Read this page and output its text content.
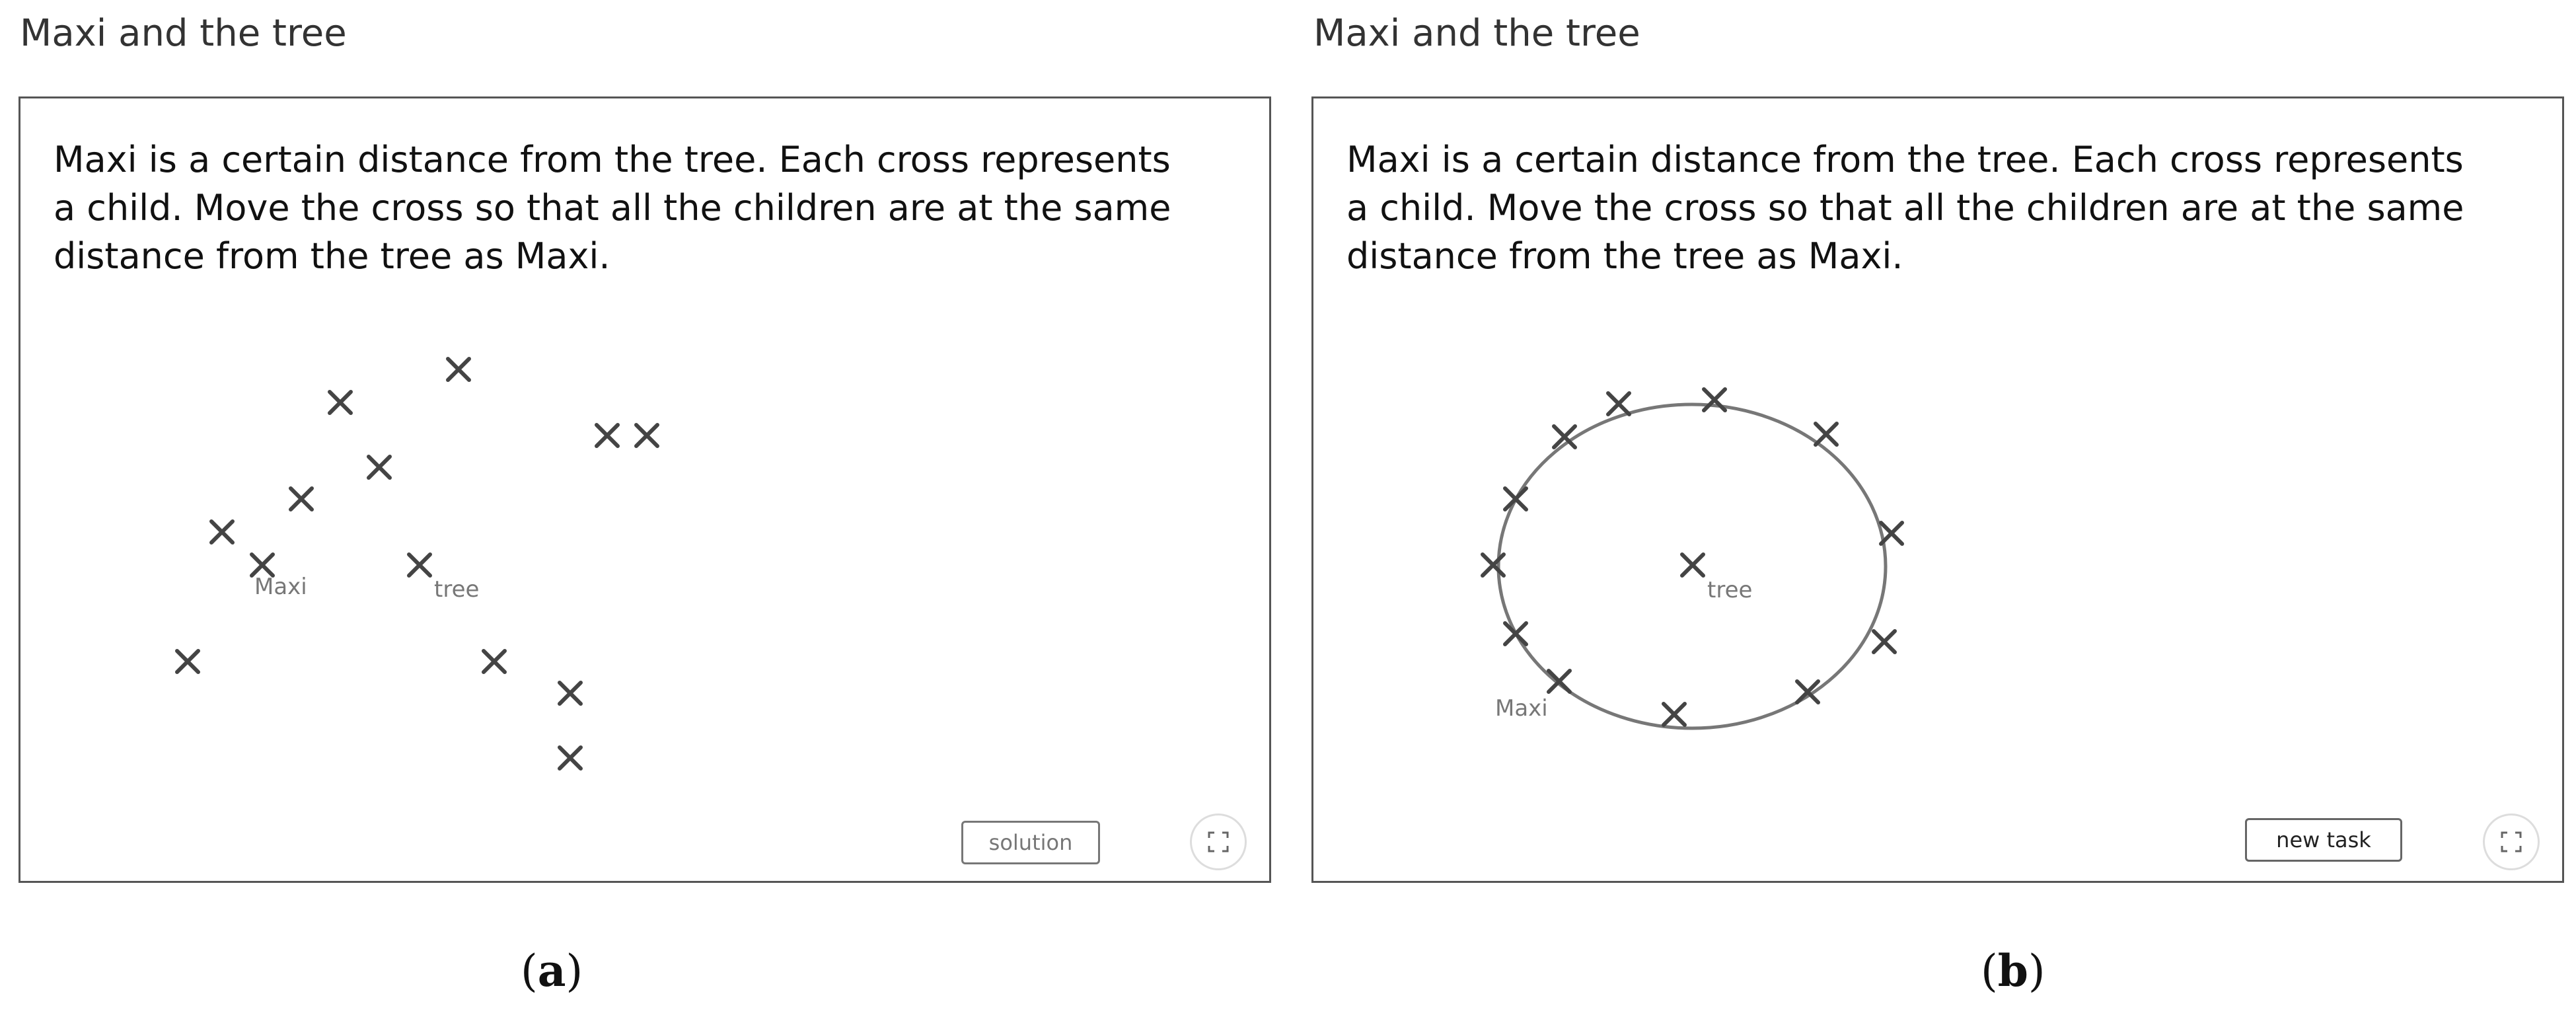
Maxi and the tree
Maxi is a certain distance from the tree. Each cross represents
a child. Move the cross so that all the children are at the same
distance from the tree as Maxi.
Maxi	tree
solution
(a)
Maxi and the tree
Maxi is a certain distance from the tree. Each cross represents
a child. Move the cross so that all the children are at the same
distance from the tree as Maxi.
tree
Maxi
new task
(b)
